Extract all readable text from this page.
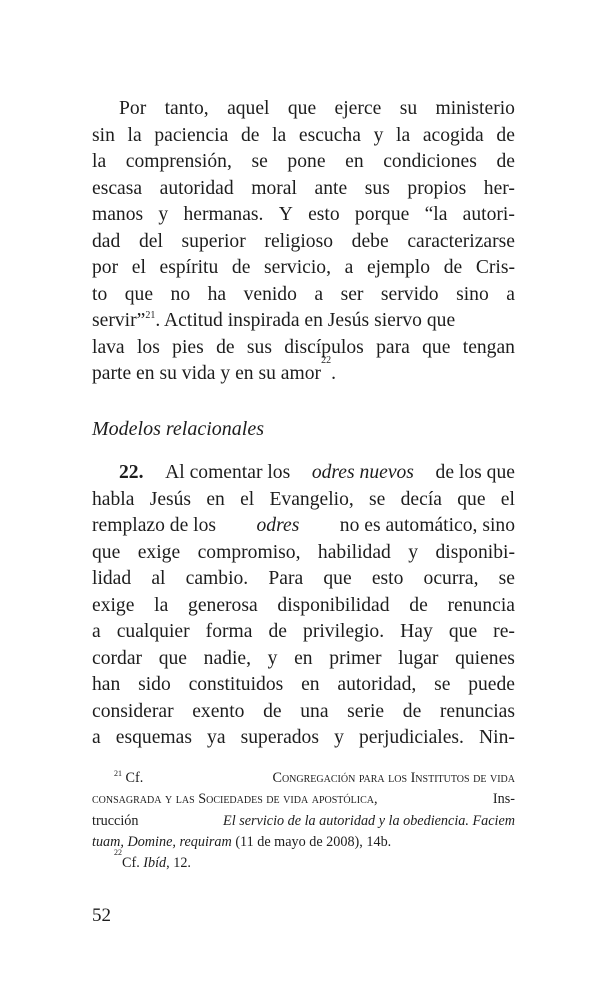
Por tanto, aquel que ejerce su ministerio
sin la paciencia de la escucha y la acogida de
la comprensión, se pone en condiciones de
escasa autoridad moral ante sus propios her-
manos y hermanas. Y esto porque “la autori-
dad del superior religioso debe caracterizarse
por el espíritu de servicio, a ejemplo de Cris-
to que no ha venido a ser servido sino a
servir”$^{21}$. Actitud inspirada en Jesús siervo que
lava los pies de sus discípulos para que tengan
parte en su vida y en su amor
22
.
Modelos relacionales
22. Al comentar los odres nuevos de los que
habla Jesús en el Evangelio, se decía que el
remplazo de los odres no es automático, sino
que exige compromiso, habilidad y disponibi-
lidad al cambio. Para que esto ocurra, se
exige la generosa disponibilidad de renuncia
a cualquier forma de privilegio. Hay que re-
cordar que nadie, y en primer lugar quienes
han sido constituidos en autoridad, se puede
considerar exento de una serie de renuncias
a esquemas ya superados y perjudiciales. Nin-
$^{21}$ Cf.	Congregación para los Institutos de vida
consagrada y las Sociedades de vida apostólica,	Ins-
trucción	El servicio de la autoridad y la obediencia. Faciem
tuam, Domine, requiram (11 de mayo de 2008), 14b.
22
Cf. Ibíd , 12.
52
